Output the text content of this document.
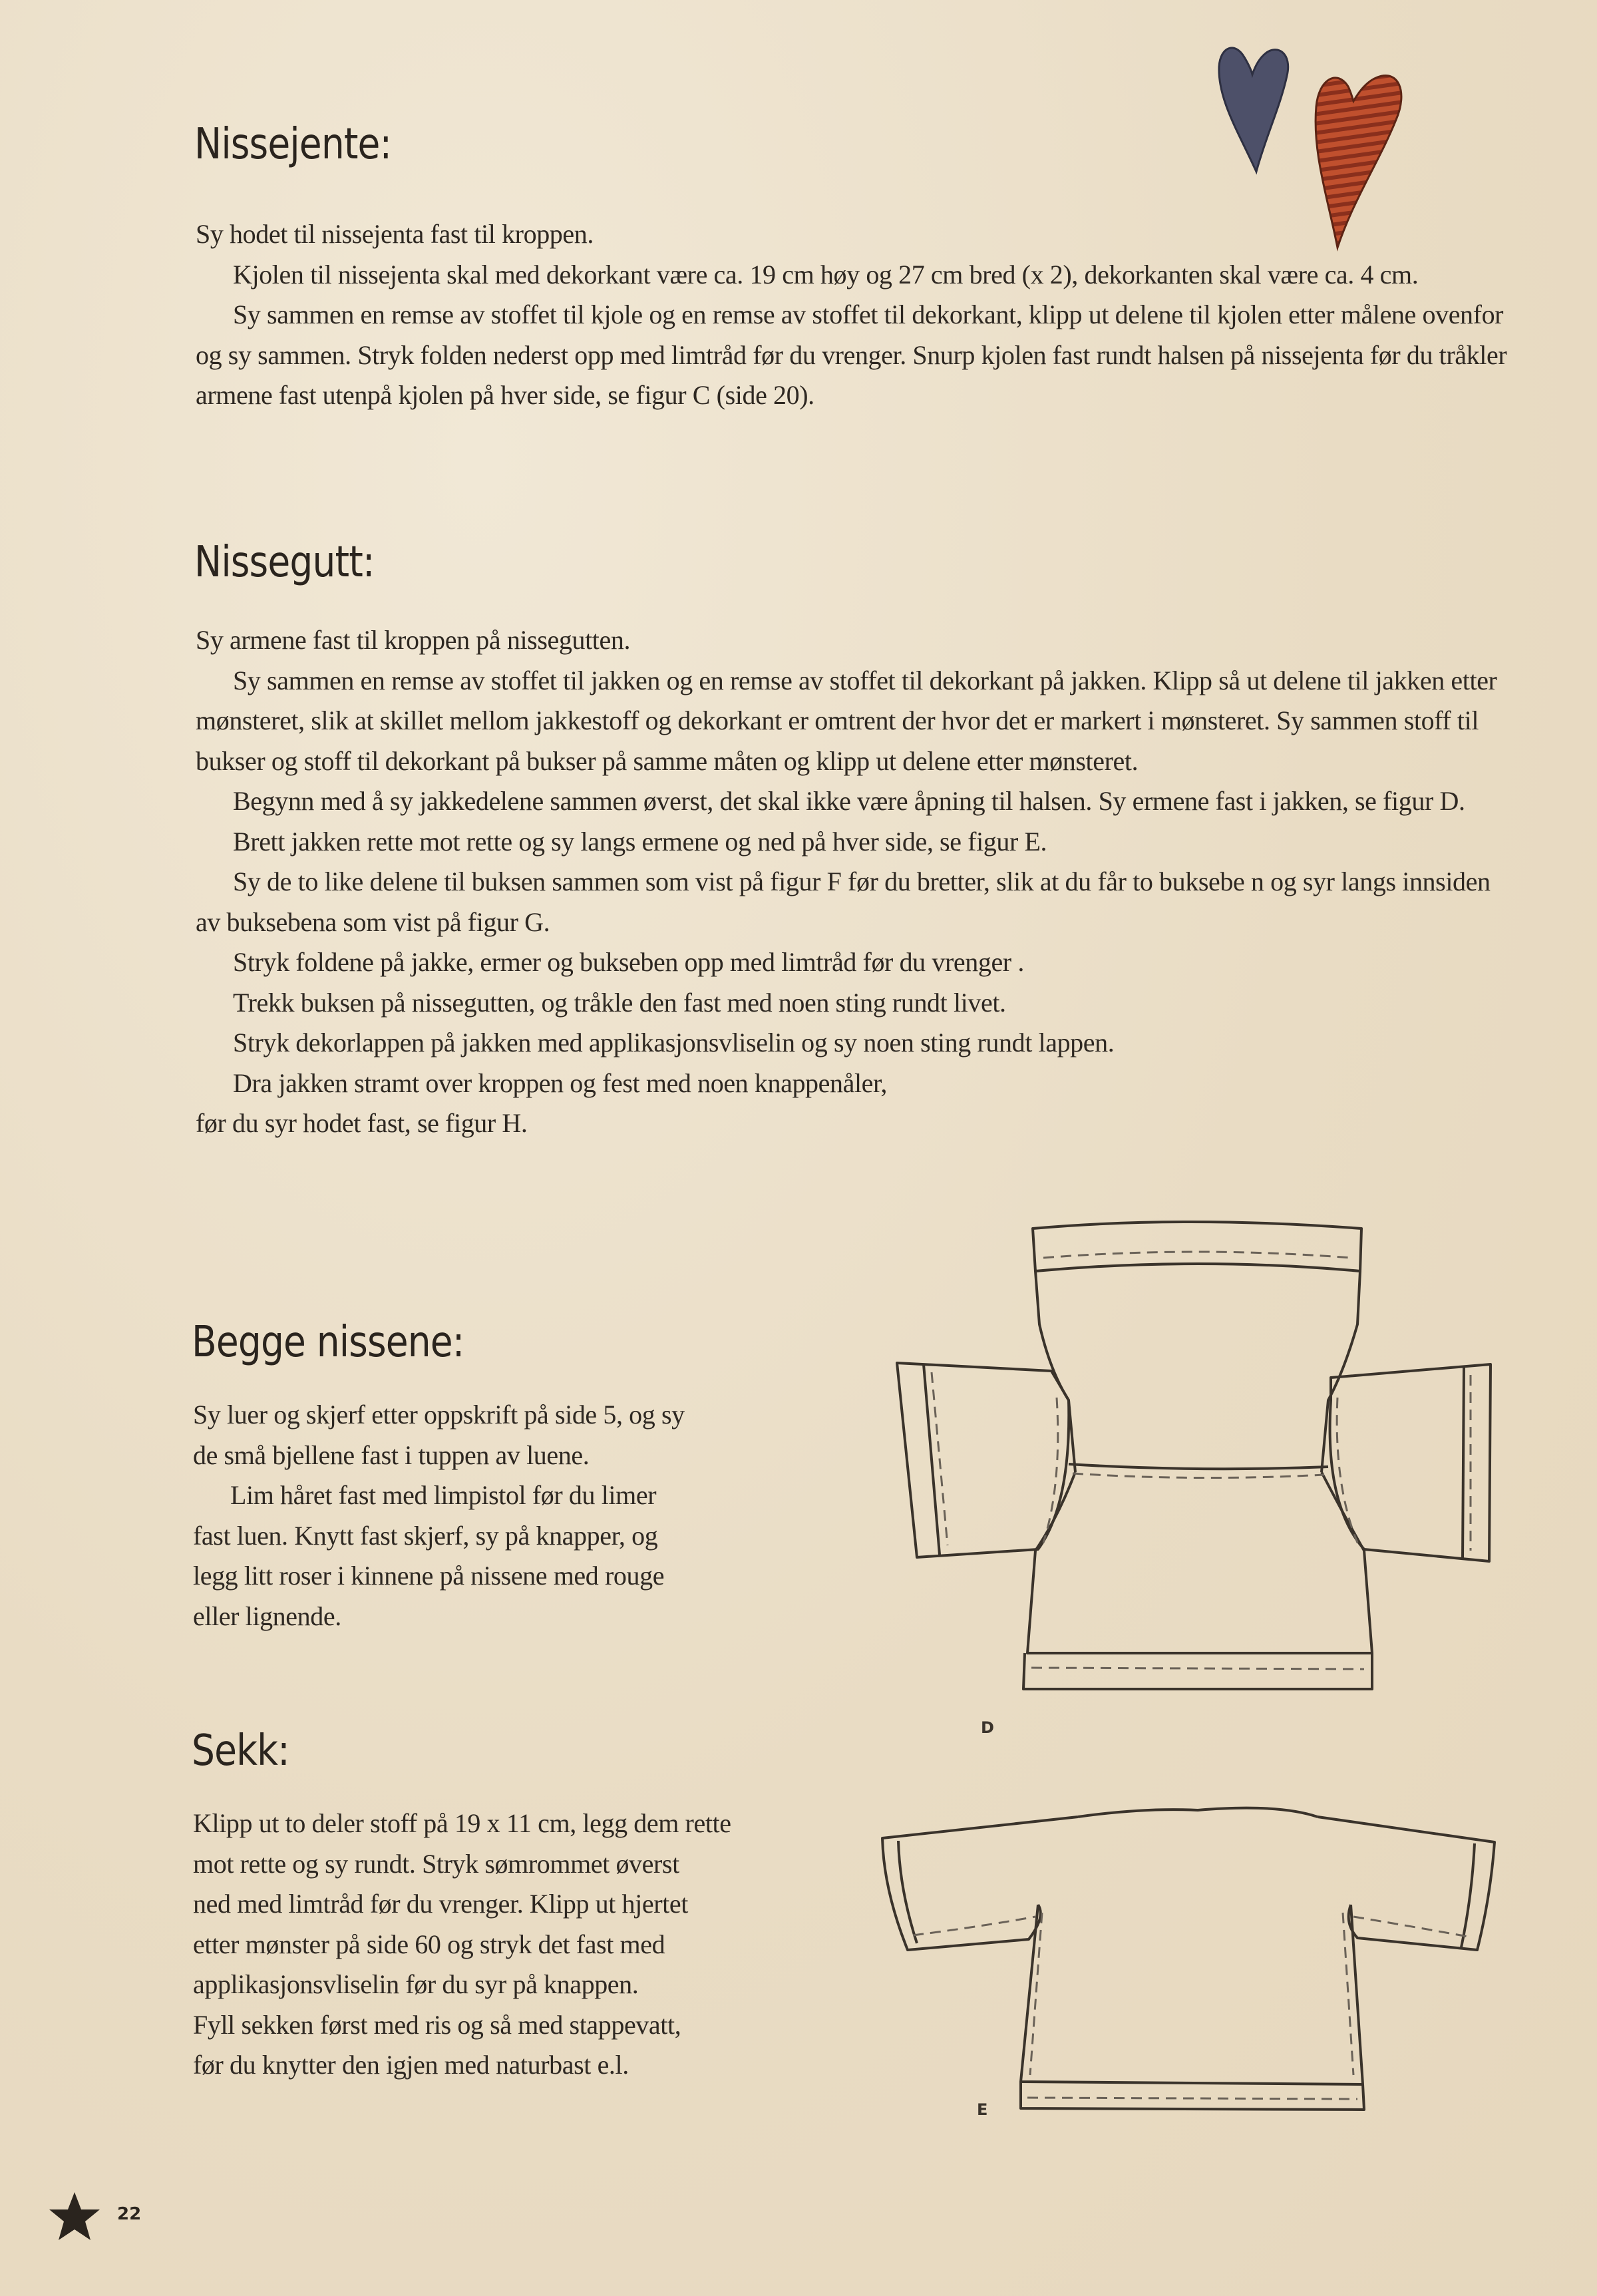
Nissejente:

Sy hodet til nissejenta fast til kroppen.

Kjolen til nissejenta skal med dekorkant være ca. 19 cm høy og 27 cm bred (x 2), dekorkanten skal være ca. 4 cm.

Sy sammen en remse av stoffet til kjole og en remse av stoffet til dekorkant, klipp ut delene til kjolen etter målene ovenfor og sy sammen. Stryk folden nederst opp med limtråd før du vrenger. Snurp kjolen fast rundt halsen på nissejenta før du tråkler armene fast utenpå kjolen på hver side, se figur C (side 20).

Nissegutt:

Sy armene fast til kroppen på nissegutten.

Sy sammen en remse av stoffet til jakken og en remse av stoffet til dekorkant på jakken. Klipp så ut delene til jakken etter mønsteret, slik at skillet mellom jakkestoff og dekorkant er omtrent der hvor det er markert i mønsteret. Sy sammen stoff til bukser og stoff til dekorkant på bukser på samme måten og klipp ut delene etter mønsteret.

Begynn med å sy jakkedelene sammen øverst, det skal ikke være åpning til halsen. Sy ermene fast i jakken, se figur D.

Brett jakken rette mot rette og sy langs ermene og ned på hver side, se figur E.

Sy de to like delene til buksen sammen som vist på figur F før du bretter, slik at du får to buksebe n og syr langs innsiden av buksebena som vist på figur G.

Stryk foldene på jakke, ermer og bukseben opp med limtråd før du vrenger .

Trekk buksen på nissegutten, og tråkle den fast med noen sting rundt livet.

Stryk dekorlappen på jakken med applikasjonsvliselin og sy noen sting rundt lappen.

Dra jakken stramt over kroppen og fest med noen knappenåler,

før du syr hodet fast, se figur H.

Begge nissene:

Sy luer og skjerf etter oppskrift på side 5, og sy

de små bjellene fast i tuppen av luene.

Lim håret fast med limpistol før du limer

fast luen. Knytt fast skjerf, sy på knapper, og

legg litt roser i kinnene på nissene med rouge

eller lignende.

Sekk:

Klipp ut to deler stoff på 19 x 11 cm, legg dem rette

mot rette og sy rundt. Stryk sømrommet øverst

ned med limtråd før du vrenger. Klipp ut hjertet

etter mønster på side 60 og stryk det fast med

applikasjonsvliselin før du syr på knappen.

Fyll sekken først med ris og så med stappevatt,

før du knytter den igjen med naturbast e.l.

D
E
22
